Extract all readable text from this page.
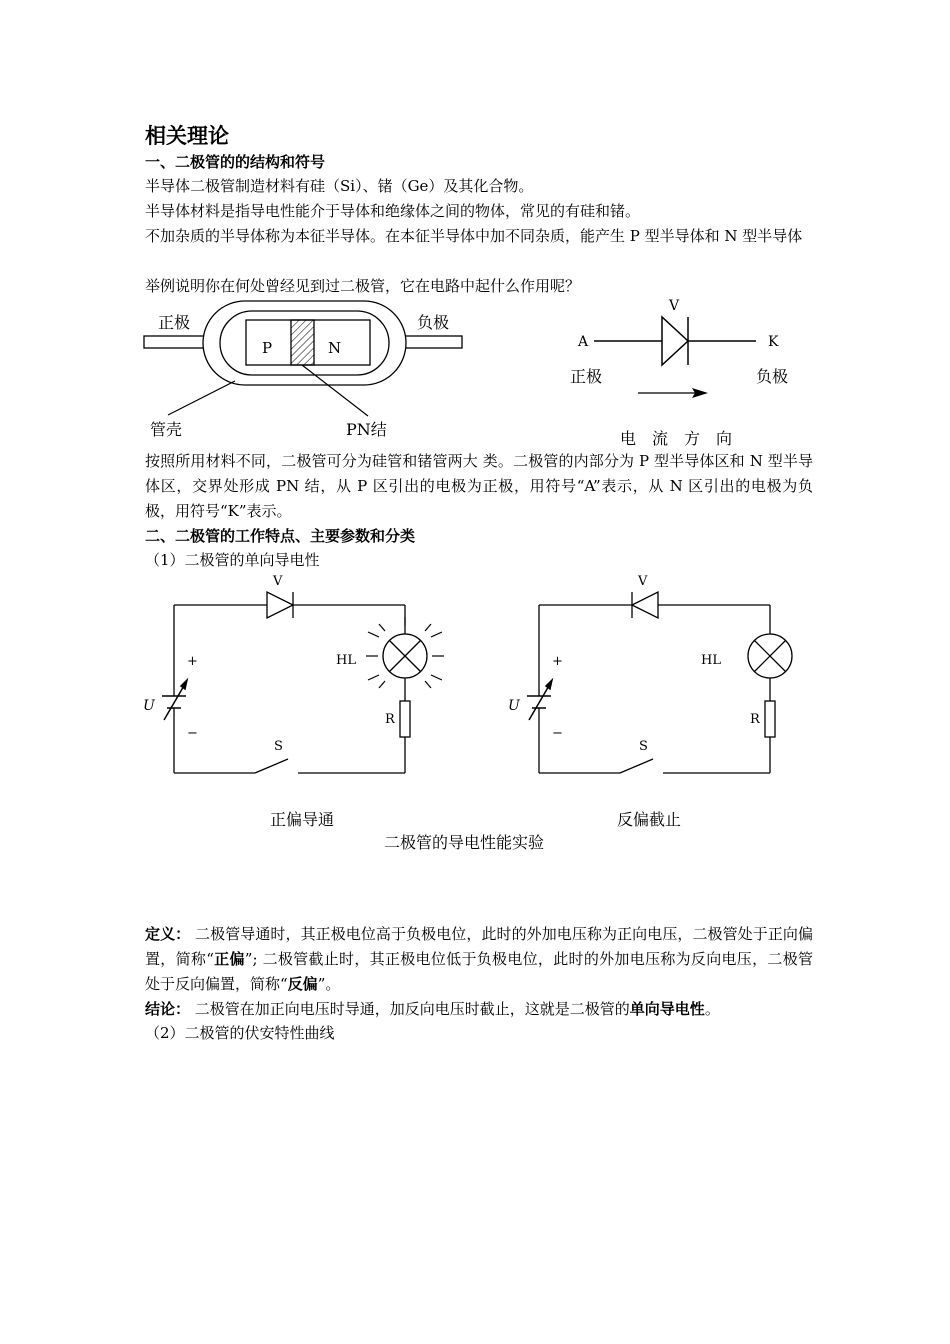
相关理论
一、二极管的的结构和符号
半导体二极管制造材料有硅（Si）、锗（Ge）及其化合物。
半导体材料是指导电性能介于导体和绝缘体之间的物体，常见的有硅和锗。
不加杂质的半导体称为本征半导体。在本征半导体中加不同杂质，能产生 P 型半导体和 N 型半导体
举例说明你在何处曾经见到过二极管，它在电路中起什么作用呢？
正极	负极
P	N
管壳	PN结
V
A	K
正极	负极
电　流　方　向
按照所用材料不同，二极管可分为硅管和锗管两大 类。二极管的内部分为 P 型半导体区和 N 型半导体区，交界处形成 PN 结，从 P 区引出的电极为正极，用符号“A”表示，从 N 区引出的电极为负极，用符号“K”表示。
二、二极管的工作特点、主要参数和分类
（1）二极管的单向导电性
V
HL
+
U
−
R
S
V
HL
+
U
−
R
S
正偏导通	反偏截止
二极管的导电性能实验
定义： 二极管导通时，其正极电位高于负极电位，此时的外加电压称为正向电压，二极管处于正向偏置，简称“正偏”; 二极管截止时，其正极电位低于负极电位，此时的外加电压称为反向电压，二极管处于反向偏置，简称“反偏”。
结论： 二极管在加正向电压时导通，加反向电压时截止，这就是二极管的单向导电性。
（2）二极管的伏安特性曲线
